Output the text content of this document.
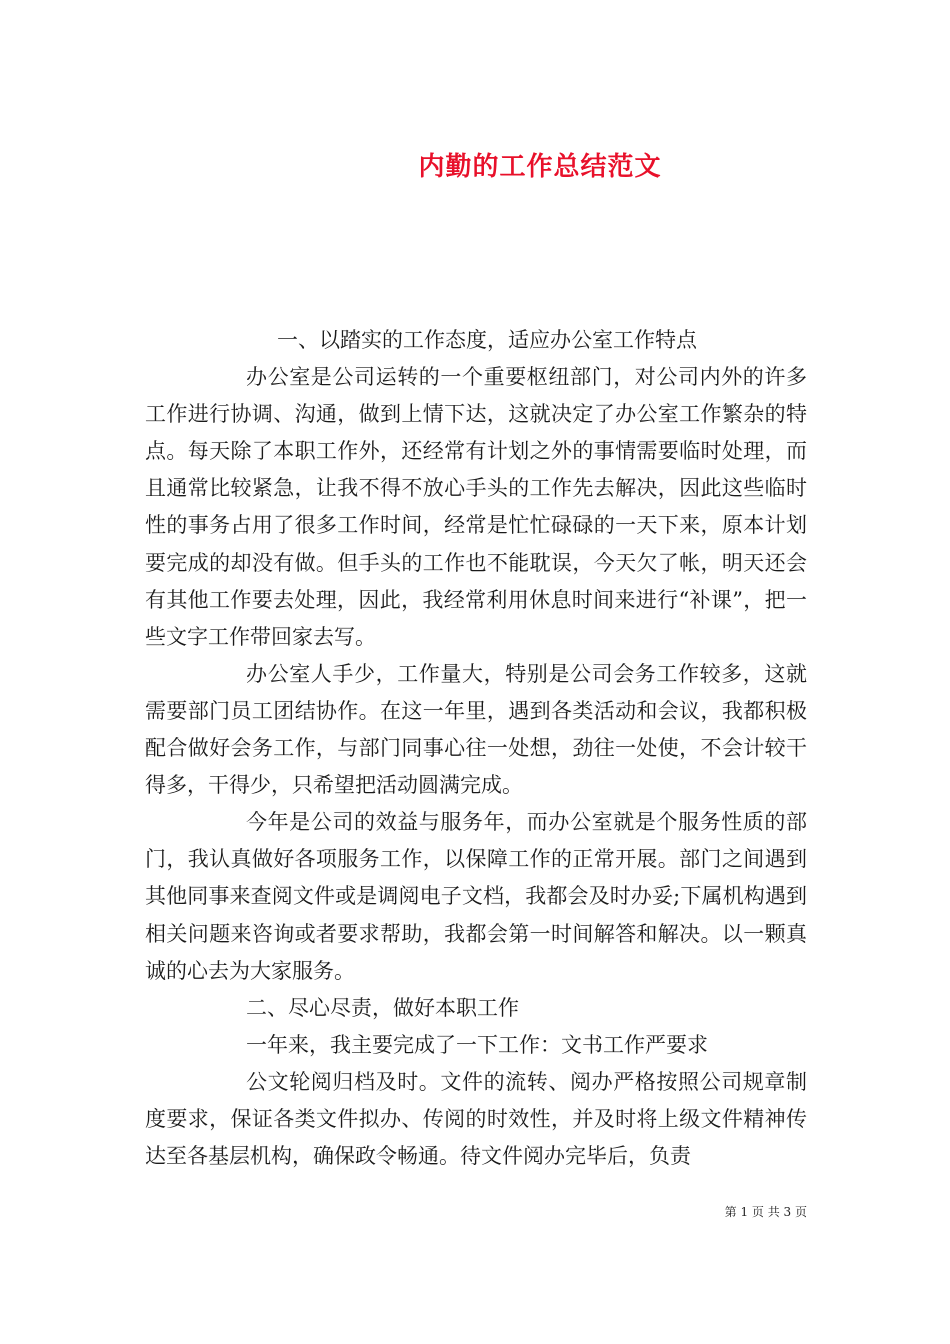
内勤的工作总结范文

一、以踏实的工作态度，适应办公室工作特点

办公室是公司运转的一个重要枢纽部门，对公司内外的许多工作进行协调、沟通，做到上情下达，这就决定了办公室工作繁杂的特点。每天除了本职工作外，还经常有计划之外的事情需要临时处理，而且通常比较紧急，让我不得不放心手头的工作先去解决，因此这些临时性的事务占用了很多工作时间，经常是忙忙碌碌的一天下来，原本计划要完成的却没有做。但手头的工作也不能耽误，今天欠了帐，明天还会有其他工作要去处理，因此，我经常利用休息时间来进行“补课”，把一些文字工作带回家去写。

办公室人手少，工作量大，特别是公司会务工作较多，这就需要部门员工团结协作。在这一年里，遇到各类活动和会议，我都积极配合做好会务工作，与部门同事心往一处想，劲往一处使，不会计较干得多，干得少，只希望把活动圆满完成。

今年是公司的效益与服务年，而办公室就是个服务性质的部门，我认真做好各项服务工作，以保障工作的正常开展。部门之间遇到其他同事来查阅文件或是调阅电子文档，我都会及时办妥;下属机构遇到相关问题来咨询或者要求帮助，我都会第一时间解答和解决。以一颗真诚的心去为大家服务。

二、尽心尽责，做好本职工作

一年来，我主要完成了一下工作：文书工作严要求

公文轮阅归档及时。文件的流转、阅办严格按照公司规章制度要求，保证各类文件拟办、传阅的时效性，并及时将上级文件精神传达至各基层机构，确保政令畅通。待文件阅办完毕后，负责

第 1 页 共 3 页
